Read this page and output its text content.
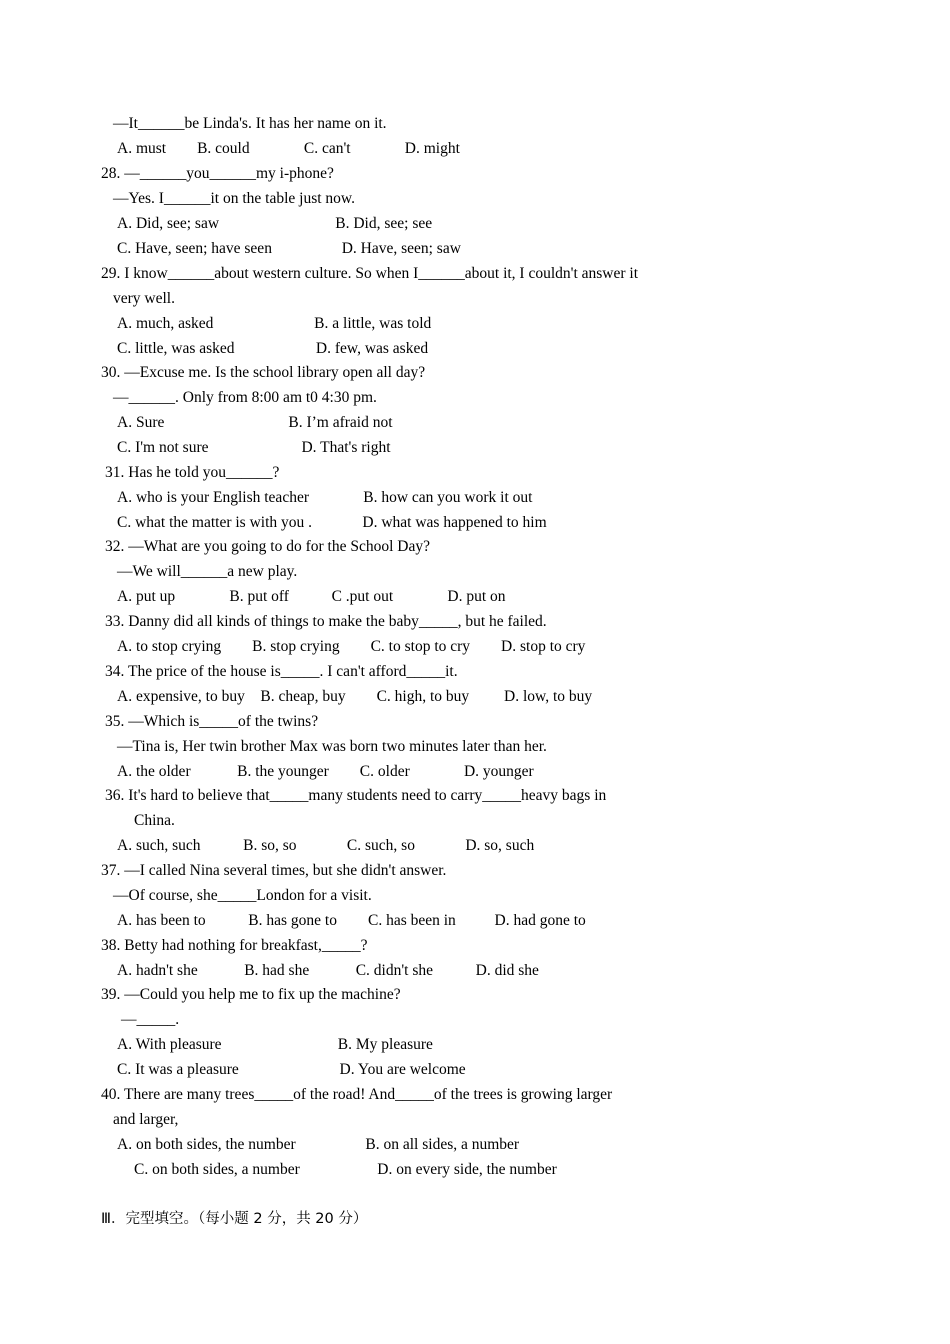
—It______be Linda's. It has her name on it.
A. must        B. could              C. can't              D. might
28. —______you______my i-phone?
—Yes. I______it on the table just now.
A. Did, see; saw                              B. Did, see; see
C. Have, seen; have seen                  D. Have, seen; saw
29. I know______about western culture. So when I______about it, I couldn't answer it
very well.
A. much, asked                          B. a little, was told
C. little, was asked                     D. few, was asked
30. —Excuse me. Is the school library open all day?
—______. Only from 8:00 am t0 4:30 pm.
A. Sure                                B. I’m afraid not
C. I'm not sure                        D. That's right
31. Has he told you______?
A. who is your English teacher              B. how can you work it out
C. what the matter is with you .             D. what was happened to him
32. —What are you going to do for the School Day?
—We will______a new play.
A. put up              B. put off           C .put out              D. put on
33. Danny did all kinds of things to make the baby_____, but he failed.
A. to stop crying        B. stop crying        C. to stop to cry        D. stop to cry
34. The price of the house is_____. I can't afford_____it.
A. expensive, to buy    B. cheap, buy        C. high, to buy         D. low, to buy
35. —Which is_____of the twins?
—Tina is, Her twin brother Max was born two minutes later than her.
A. the older            B. the younger        C. older              D. younger
36. It's hard to believe that_____many students need to carry_____heavy bags in
China.
A. such, such           B. so, so             C. such, so             D. so, such
37. —I called Nina several times, but she didn't answer.
—Of course, she_____London for a visit.
A. has been to           B. has gone to        C. has been in          D. had gone to
38. Betty had nothing for breakfast,_____?
A. hadn't she            B. had she            C. didn't she           D. did she
39. —Could you help me to fix up the machine?
—_____.
A. With pleasure                              B. My pleasure
C. It was a pleasure                          D. You are welcome
40. There are many trees_____of the road! And_____of the trees is growing larger
and larger,
A. on both sides, the number                  B. on all sides, a number
C. on both sides, a number                    D. on every side, the number
Ⅲ．完型填空。（每小题 2 分，共 20 分）
